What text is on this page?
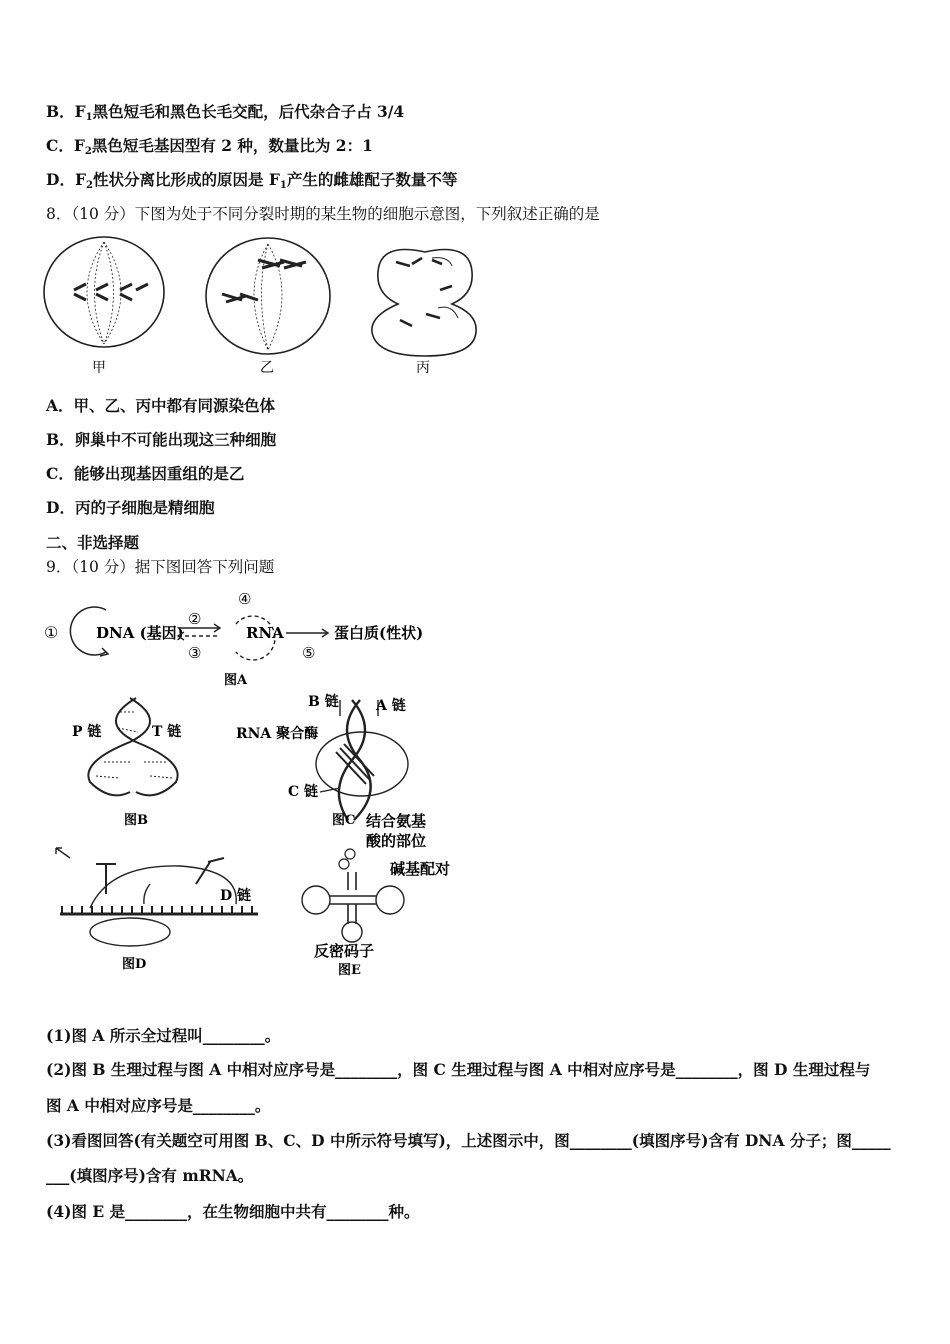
B．$F_1$黑色短毛和黑色长毛交配，后代杂合子占 3/4
C．$F_2$黑色短毛基因型有 2 种，数量比为 2：1
D．$F_2$性状分离比形成的原因是 $F_1$产生的雌雄配子数量不等
8．（10 分）下图为处于不同分裂时期的某生物的细胞示意图，下列叙述正确的是
甲	乙	丙
A．甲、乙、丙中都有同源染色体
B．卵巢中不可能出现这三种细胞
C．能够出现基因重组的是乙
D．丙的子细胞是精细胞
二、非选择题
9．（10 分）据下图回答下列问题
①	DNA (基因)
②
③
④
RNA
⑤
蛋白质(性状)
图A
P 链	T 链
图B
B 链	A 链
RNA 聚合酶
C 链
图C
D 链
图D
结合氨基
酸的部位
碱基配对
反密码子
图E
(1)图 A 所示全过程叫________。
(2)图 B 生理过程与图 A 中相对应序号是________，图 C 生理过程与图 A 中相对应序号是________，图 D 生理过程与
图 A 中相对应序号是________。
(3)看图回答(有关题空可用图 B、C、D 中所示符号填写)，上述图示中，图________(填图序号)含有 DNA 分子；图_____
___(填图序号)含有 mRNA。
(4)图 E 是________，在生物细胞中共有________种。
